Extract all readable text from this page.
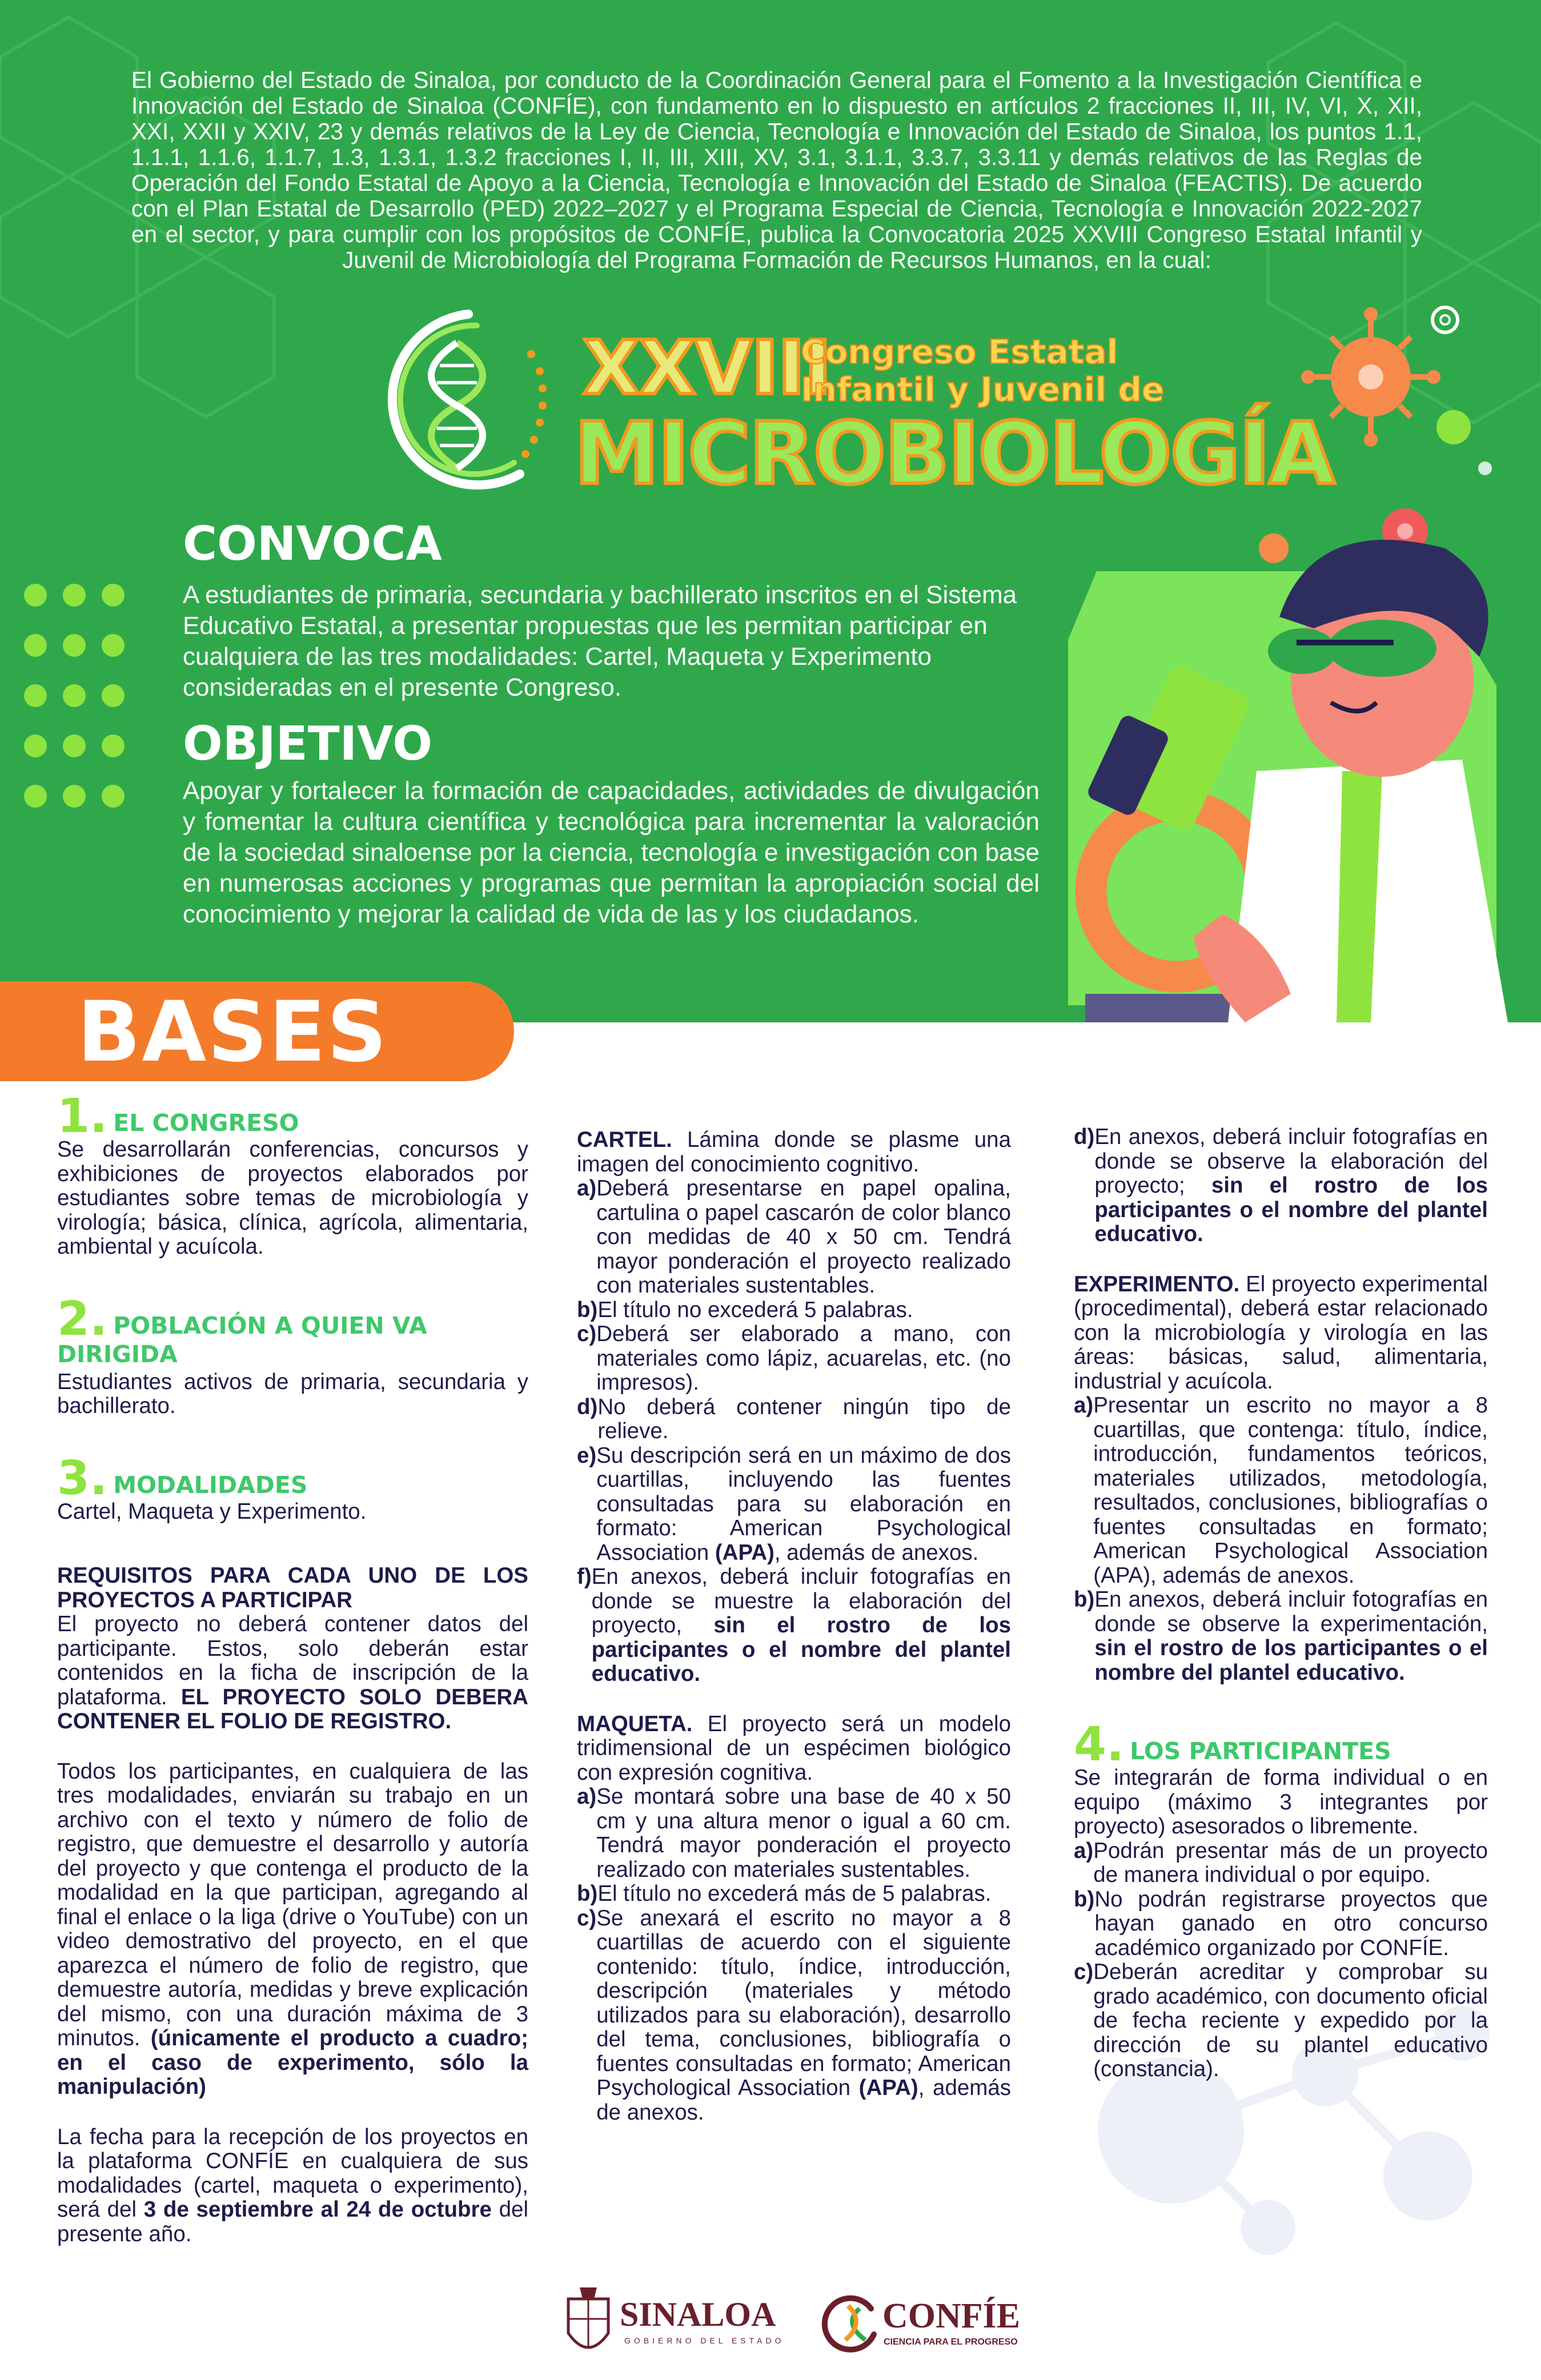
El Gobierno del Estado de Sinaloa, por conducto de la Coordinación General para el Fomento a la Investigación Científica e Innovación del Estado de Sinaloa (CONFÍE), con fundamento en lo dispuesto en artículos 2 fracciones II, III, IV, VI, X, XII, XXI, XXII y XXIV, 23 y demás relativos de la Ley de Ciencia, Tecnología e Innovación del Estado de Sinaloa, los puntos 1.1, 1.1.1, 1.1.6, 1.1.7, 1.3, 1.3.1, 1.3.2 fracciones I, II, III, XIII, XV, 3.1, 3.1.1, 3.3.7, 3.3.11 y demás relativos de las Reglas de Operación del Fondo Estatal de Apoyo a la Ciencia, Tecnología e Innovación del Estado de Sinaloa (FEACTIS). De acuerdo con el Plan Estatal de Desarrollo (PED) 2022–2027 y el Programa Especial de Ciencia, Tecnología e Innovación 2022-2027 en el sector, y para cumplir con los propósitos de CONFÍE, publica la Convocatoria 2025 XXVIII Congreso Estatal Infantil y Juvenil de Microbiología del Programa Formación de Recursos Humanos, en la cual:
XXVIII
Congreso Estatal
Infantil y Juvenil de
MICROBIOLOGÍA
CONVOCA
A estudiantes de primaria, secundaria y bachillerato inscritos en el Sistema Educativo Estatal, a presentar propuestas que les permitan participar en cualquiera de las tres modalidades: Cartel, Maqueta y Experimento consideradas en el presente Congreso.
OBJETIVO
Apoyar y fortalecer la formación de capacidades, actividades de divulgación y fomentar la cultura científica y tecnológica para incrementar la valoración de la sociedad sinaloense por la ciencia, tecnología e investigación con base en numerosas acciones y programas que permitan la apropiación social del conocimiento y mejorar la calidad de vida de las y los ciudadanos.
BASES
1. EL CONGRESO
Se desarrollarán conferencias, concursos y exhibiciones de proyectos elaborados por estudiantes sobre temas de microbiología y virología; básica, clínica, agrícola, alimentaria, ambiental y acuícola.
2. POBLACIÓN A QUIEN VA
DIRIGIDA
Estudiantes activos de primaria, secundaria y bachillerato.
3. MODALIDADES
Cartel, Maqueta y Experimento.
REQUISITOS PARA CADA UNO DE LOS PROYECTOS A PARTICIPAR
El proyecto no deberá contener datos del participante. Estos, solo deberán estar contenidos en la ficha de inscripción de la plataforma. EL PROYECTO SOLO DEBERA CONTENER EL FOLIO DE REGISTRO.
Todos los participantes, en cualquiera de las tres modalidades, enviarán su trabajo en un archivo con el texto y número de folio de registro, que demuestre el desarrollo y autoría del proyecto y que contenga el producto de la modalidad en la que participan, agregando al final el enlace o la liga (drive o YouTube) con un video demostrativo del proyecto, en el que aparezca el número de folio de registro, que demuestre autoría, medidas y breve explicación del mismo, con una duración máxima de 3 minutos. (únicamente el producto a cuadro; en el caso de experimento, sólo la manipulación)
La fecha para la recepción de los proyectos en la plataforma CONFÍE en cualquiera de sus modalidades (cartel, maqueta o experimento), será del 3 de septiembre al 24 de octubre del presente año.
CARTEL. Lámina donde se plasme una imagen del conocimiento cognitivo.
a) Deberá presentarse en papel opalina, cartulina o papel cascarón de color blanco con medidas de 40 x 50 cm. Tendrá mayor ponderación el proyecto realizado con materiales sustentables.
b) El título no excederá 5 palabras.
c) Deberá ser elaborado a mano, con materiales como lápiz, acuarelas, etc. (no impresos).
d) No deberá contener ningún tipo de relieve.
e) Su descripción será en un máximo de dos cuartillas, incluyendo las fuentes consultadas para su elaboración en formato: American Psychological Association (APA), además de anexos.
f) En anexos, deberá incluir fotografías en donde se muestre la elaboración del proyecto, sin el rostro de los participantes o el nombre del plantel educativo.
MAQUETA. El proyecto será un modelo tridimensional de un espécimen biológico con expresión cognitiva.
a) Se montará sobre una base de 40 x 50 cm y una altura menor o igual a 60 cm. Tendrá mayor ponderación el proyecto realizado con materiales sustentables.
b) El título no excederá más de 5 palabras.
c) Se anexará el escrito no mayor a 8 cuartillas de acuerdo con el siguiente contenido: título, índice, introducción, descripción (materiales y método utilizados para su elaboración), desarrollo del tema, conclusiones, bibliografía o fuentes consultadas en formato; American Psychological Association (APA), además de anexos.
d) En anexos, deberá incluir fotografías en donde se observe la elaboración del proyecto; sin el rostro de los participantes o el nombre del plantel educativo.
EXPERIMENTO. El proyecto experimental (procedimental), deberá estar relacionado con la microbiología y virología en las áreas: básicas, salud, alimentaria, industrial y acuícola.
a) Presentar un escrito no mayor a 8 cuartillas, que contenga: título, índice, introducción, fundamentos teóricos, materiales utilizados, metodología, resultados, conclusiones, bibliografías o fuentes consultadas en formato; American Psychological Association (APA), además de anexos.
b) En anexos, deberá incluir fotografías en donde se observe la experimentación, sin el rostro de los participantes o el nombre del plantel educativo.
4. LOS PARTICIPANTES
Se integrarán de forma individual o en equipo (máximo 3 integrantes por proyecto) asesorados o libremente.
a) Podrán presentar más de un proyecto de manera individual o por equipo.
b) No podrán registrarse proyectos que hayan ganado en otro concurso académico organizado por CONFÍE.
c) Deberán acreditar y comprobar su grado académico, con documento oficial de fecha reciente y expedido por la dirección de su plantel educativo (constancia).
SINALOA
GOBIERNO DEL ESTADO
CONFÍE
CIENCIA PARA EL PROGRESO
